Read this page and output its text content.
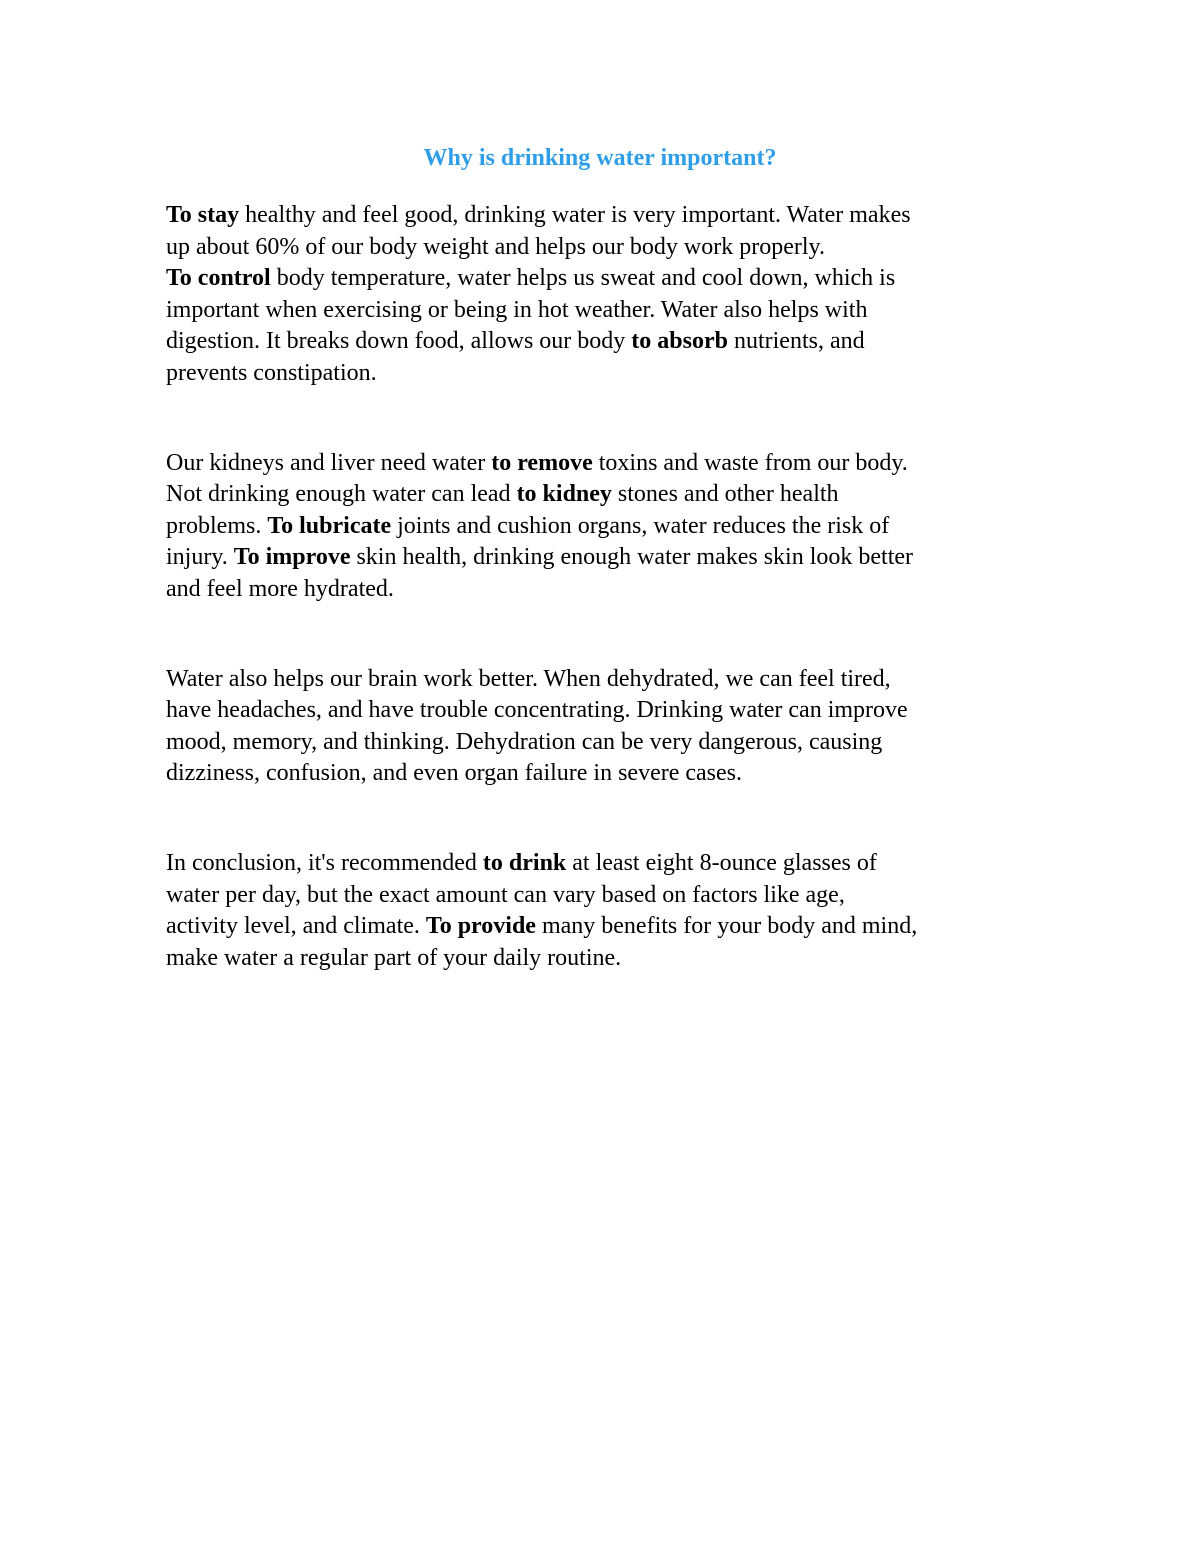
Why is drinking water important?
To stay healthy and feel good, drinking water is very important. Water makes
up about 60% of our body weight and helps our body work properly.
To control body temperature, water helps us sweat and cool down, which is
important when exercising or being in hot weather. Water also helps with
digestion. It breaks down food, allows our body to absorb nutrients, and
prevents constipation.
Our kidneys and liver need water to remove toxins and waste from our body.
Not drinking enough water can lead to kidney stones and other health
problems. To lubricate joints and cushion organs, water reduces the risk of
injury. To improve skin health, drinking enough water makes skin look better
and feel more hydrated.
Water also helps our brain work better. When dehydrated, we can feel tired,
have headaches, and have trouble concentrating. Drinking water can improve
mood, memory, and thinking. Dehydration can be very dangerous, causing
dizziness, confusion, and even organ failure in severe cases.
In conclusion, it's recommended to drink at least eight 8-ounce glasses of
water per day, but the exact amount can vary based on factors like age,
activity level, and climate. To provide many benefits for your body and mind,
make water a regular part of your daily routine.
